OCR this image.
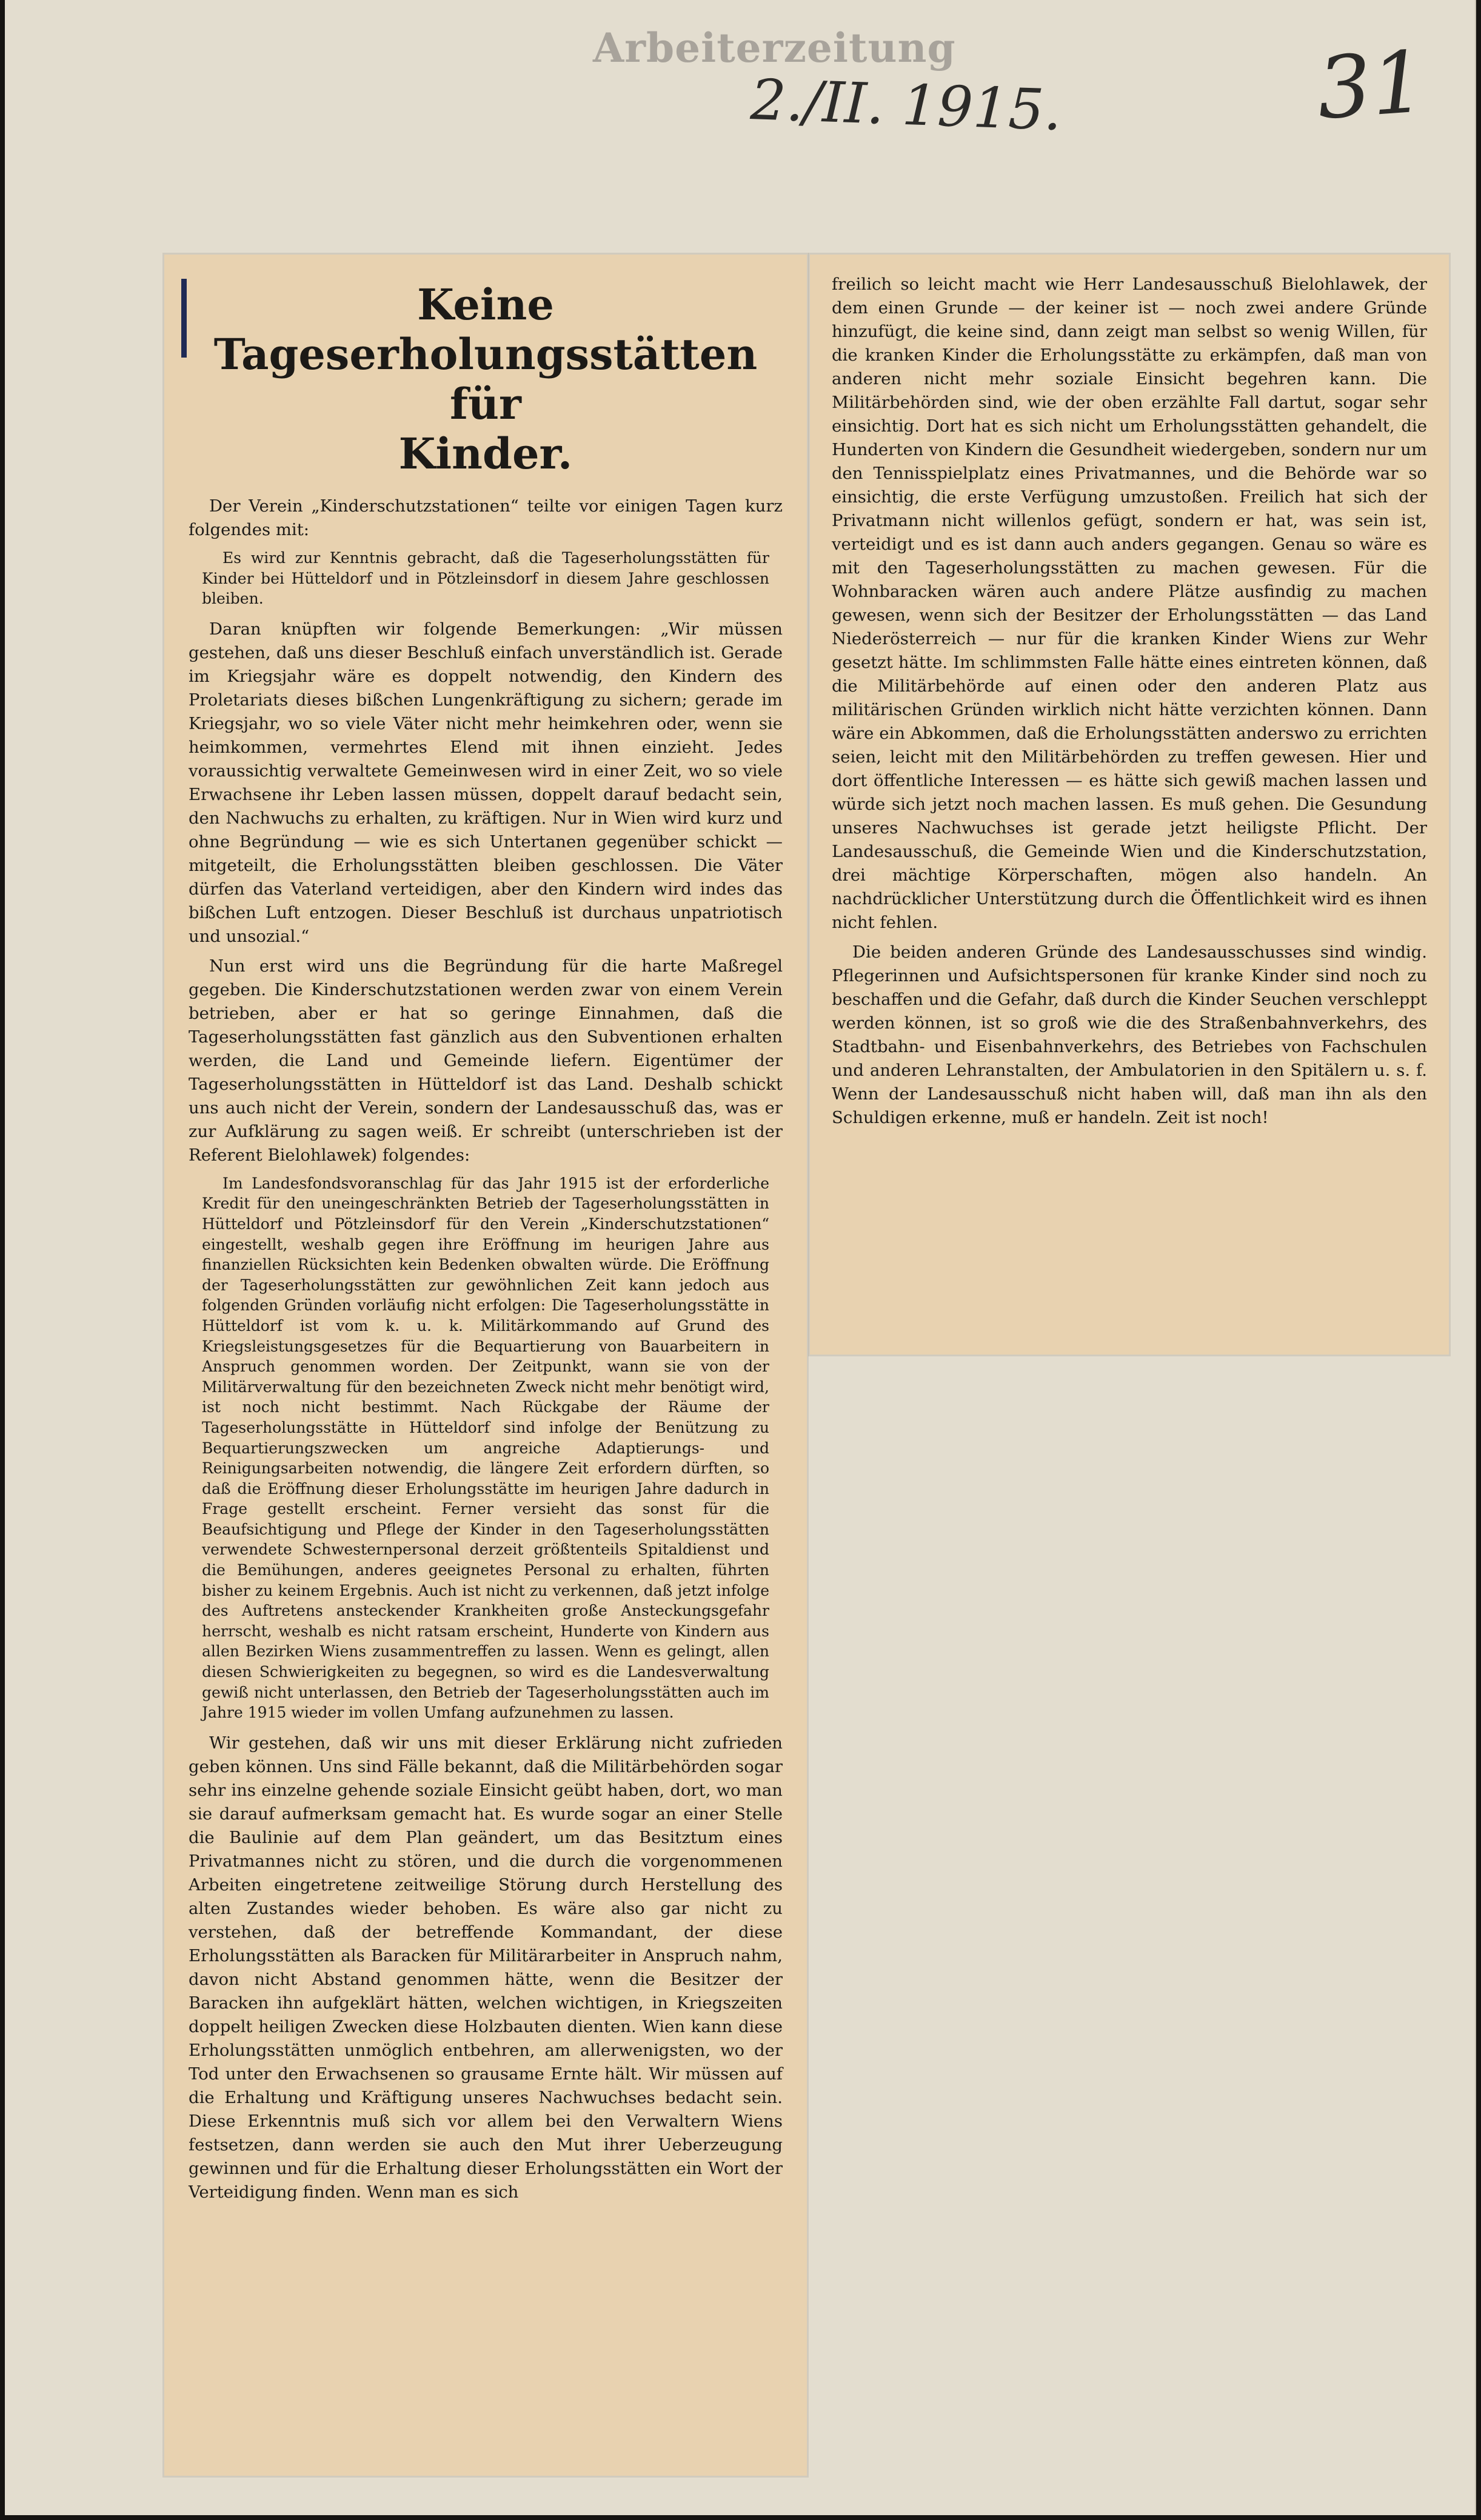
Arbeiterzeitung
2./II. 1915.	31
Keine Tageserholungsstätten für
Kinder.

Der Verein „Kinderschutzstationen“ teilte vor einigen Tagen kurz folgendes mit:

Es wird zur Kenntnis gebracht, daß die Tageserholungsstätten für Kinder bei Hütteldorf und in Pötzleinsdorf in diesem Jahre geschlossen bleiben.

Daran knüpften wir folgende Bemerkungen: „Wir müssen gestehen, daß uns dieser Beschluß einfach unverständlich ist. Gerade im Kriegsjahr wäre es doppelt notwendig, den Kindern des Proletariats dieses bißchen Lungenkräftigung zu sichern; gerade im Kriegsjahr, wo so viele Väter nicht mehr heimkehren oder, wenn sie heimkommen, vermehrtes Elend mit ihnen einzieht. Jedes voraussichtig verwaltete Gemeinwesen wird in einer Zeit, wo so viele Erwachsene ihr Leben lassen müssen, doppelt darauf bedacht sein, den Nachwuchs zu erhalten, zu kräftigen. Nur in Wien wird kurz und ohne Begründung — wie es sich Untertanen gegenüber schickt — mitgeteilt, die Erholungsstätten bleiben geschlossen. Die Väter dürfen das Vaterland verteidigen, aber den Kindern wird indes das bißchen Luft entzogen. Dieser Beschluß ist durchaus unpatriotisch und unsozial.“

Nun erst wird uns die Begründung für die harte Maßregel gegeben. Die Kinderschutzstationen werden zwar von einem Verein betrieben, aber er hat so geringe Einnahmen, daß die Tageserholungsstätten fast gänzlich aus den Subventionen erhalten werden, die Land und Gemeinde liefern. Eigentümer der Tageserholungsstätten in Hütteldorf ist das Land. Deshalb schickt uns auch nicht der Verein, sondern der Landesausschuß das, was er zur Aufklärung zu sagen weiß. Er schreibt (unterschrieben ist der Referent Bielohlawek) folgendes:

Im Landesfondsvoranschlag für das Jahr 1915 ist der erforderliche Kredit für den uneingeschränkten Betrieb der Tageserholungsstätten in Hütteldorf und Pötzleinsdorf für den Verein „Kinderschutzstationen“ eingestellt, weshalb gegen ihre Eröffnung im heurigen Jahre aus finanziellen Rücksichten kein Bedenken obwalten würde. Die Eröffnung der Tageserholungsstätten zur gewöhnlichen Zeit kann jedoch aus folgenden Gründen vorläufig nicht erfolgen: Die Tageserholungsstätte in Hütteldorf ist vom k. u. k. Militärkommando auf Grund des Kriegsleistungsgesetzes für die Bequartierung von Bauarbeitern in Anspruch genommen worden. Der Zeitpunkt, wann sie von der Militärverwaltung für den bezeichneten Zweck nicht mehr benötigt wird, ist noch nicht bestimmt. Nach Rückgabe der Räume der Tageserholungsstätte in Hütteldorf sind infolge der Benützung zu Bequartierungszwecken um angreiche Adaptierungs- und Reinigungsarbeiten notwendig, die längere Zeit erfordern dürften, so daß die Eröffnung dieser Erholungsstätte im heurigen Jahre dadurch in Frage gestellt erscheint. Ferner versieht das sonst für die Beaufsichtigung und Pflege der Kinder in den Tageserholungsstätten verwendete Schwesternpersonal derzeit größtenteils Spitaldienst und die Bemühungen, anderes geeignetes Personal zu erhalten, führten bisher zu keinem Ergebnis. Auch ist nicht zu verkennen, daß jetzt infolge des Auftretens ansteckender Krankheiten große Ansteckungsgefahr herrscht, weshalb es nicht ratsam erscheint, Hunderte von Kindern aus allen Bezirken Wiens zusammentreffen zu lassen. Wenn es gelingt, allen diesen Schwierigkeiten zu begegnen, so wird es die Landesverwaltung gewiß nicht unterlassen, den Betrieb der Tageserholungsstätten auch im Jahre 1915 wieder im vollen Umfang aufzunehmen zu lassen.

Wir gestehen, daß wir uns mit dieser Erklärung nicht zufrieden geben können. Uns sind Fälle bekannt, daß die Militärbehörden sogar sehr ins einzelne gehende soziale Einsicht geübt haben, dort, wo man sie darauf aufmerksam gemacht hat. Es wurde sogar an einer Stelle die Baulinie auf dem Plan geändert, um das Besitztum eines Privatmannes nicht zu stören, und die durch die vorgenommenen Arbeiten eingetretene zeitweilige Störung durch Herstellung des alten Zustandes wieder behoben. Es wäre also gar nicht zu verstehen, daß der betreffende Kommandant, der diese Erholungsstätten als Baracken für Militärarbeiter in Anspruch nahm, davon nicht Abstand genommen hätte, wenn die Besitzer der Baracken ihn aufgeklärt hätten, welchen wichtigen, in Kriegszeiten doppelt heiligen Zwecken diese Holzbauten dienten. Wien kann diese Erholungsstätten unmöglich entbehren, am allerwenigsten, wo der Tod unter den Erwachsenen so grausame Ernte hält. Wir müssen auf die Erhaltung und Kräftigung unseres Nachwuchses bedacht sein. Diese Erkenntnis muß sich vor allem bei den Verwaltern Wiens festsetzen, dann werden sie auch den Mut ihrer Ueberzeugung gewinnen und für die Erhaltung dieser Erholungsstätten ein Wort der Verteidigung finden. Wenn man es sich

freilich so leicht macht wie Herr Landesausschuß Bielohlawek, der dem einen Grunde — der keiner ist — noch zwei andere Gründe hinzufügt, die keine sind, dann zeigt man selbst so wenig Willen, für die kranken Kinder die Erholungsstätte zu erkämpfen, daß man von anderen nicht mehr soziale Einsicht begehren kann. Die Militärbehörden sind, wie der oben erzählte Fall dartut, sogar sehr einsichtig. Dort hat es sich nicht um Erholungsstätten gehandelt, die Hunderten von Kindern die Gesundheit wiedergeben, sondern nur um den Tennisspielplatz eines Privatmannes, und die Behörde war so einsichtig, die erste Verfügung umzustoßen. Freilich hat sich der Privatmann nicht willenlos gefügt, sondern er hat, was sein ist, verteidigt und es ist dann auch anders gegangen. Genau so wäre es mit den Tageserholungsstätten zu machen gewesen. Für die Wohnbaracken wären auch andere Plätze ausfindig zu machen gewesen, wenn sich der Besitzer der Erholungsstätten — das Land Niederösterreich — nur für die kranken Kinder Wiens zur Wehr gesetzt hätte. Im schlimmsten Falle hätte eines eintreten können, daß die Militärbehörde auf einen oder den anderen Platz aus militärischen Gründen wirklich nicht hätte verzichten können. Dann wäre ein Abkommen, daß die Erholungsstätten anderswo zu errichten seien, leicht mit den Militärbehörden zu treffen gewesen. Hier und dort öffentliche Interessen — es hätte sich gewiß machen lassen und würde sich jetzt noch machen lassen. Es muß gehen. Die Gesundung unseres Nachwuchses ist gerade jetzt heiligste Pflicht. Der Landesausschuß, die Gemeinde Wien und die Kinderschutzstation, drei mächtige Körperschaften, mögen also handeln. An nachdrücklicher Unterstützung durch die Öffentlichkeit wird es ihnen nicht fehlen.

Die beiden anderen Gründe des Landesausschusses sind windig. Pflegerinnen und Aufsichtspersonen für kranke Kinder sind noch zu beschaffen und die Gefahr, daß durch die Kinder Seuchen verschleppt werden können, ist so groß wie die des Straßenbahnverkehrs, des Stadtbahn- und Eisenbahnverkehrs, des Betriebes von Fachschulen und anderen Lehranstalten, der Ambulatorien in den Spitälern u. s. f. Wenn der Landesausschuß nicht haben will, daß man ihn als den Schuldigen erkenne, muß er handeln. Zeit ist noch!
